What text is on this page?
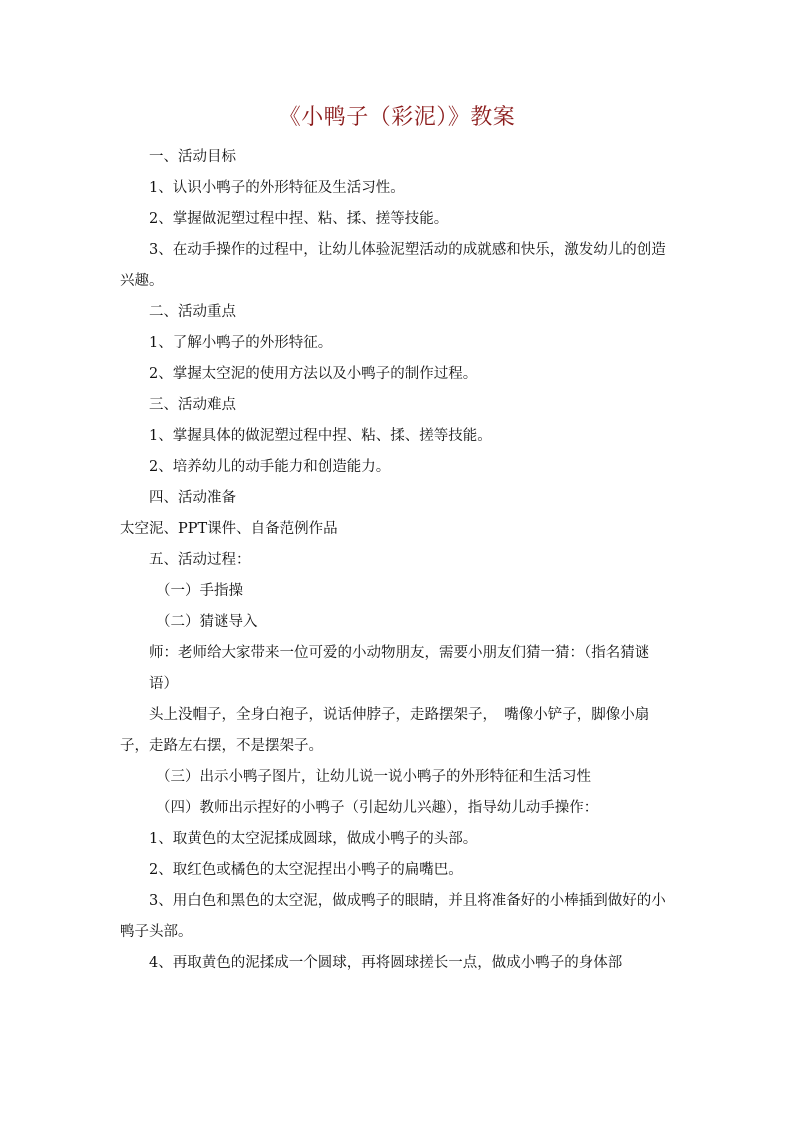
《小鸭子（彩泥）》教案

一、活动目标

1、认识小鸭子的外形特征及生活习性。

2、掌握做泥塑过程中捏、粘、揉、搓等技能。

3、在动手操作的过程中，让幼儿体验泥塑活动的成就感和快乐，激发幼儿的创造兴趣。

二、活动重点

1、了解小鸭子的外形特征。

2、掌握太空泥的使用方法以及小鸭子的制作过程。

三、活动难点

1、掌握具体的做泥塑过程中捏、粘、揉、搓等技能。

2、培养幼儿的动手能力和创造能力。

四、活动准备

太空泥、PPT课件、自备范例作品

五、活动过程：

（一）手指操

（二）猜谜导入

师：老师给大家带来一位可爱的小动物朋友，需要小朋友们猜一猜：（指名猜谜

语）

头上没帽子，全身白袍子，说话伸脖子，走路摆架子，　嘴像小铲子，脚像小扇子，走路左右摆，不是摆架子。

（三）出示小鸭子图片，让幼儿说一说小鸭子的外形特征和生活习性

（四）教师出示捏好的小鸭子（引起幼儿兴趣），指导幼儿动手操作：

1、取黄色的太空泥揉成圆球，做成小鸭子的头部。

2、取红色或橘色的太空泥捏出小鸭子的扁嘴巴。

3、用白色和黑色的太空泥，做成鸭子的眼睛，并且将准备好的小棒插到做好的小鸭子头部。

4、再取黄色的泥揉成一个圆球，再将圆球搓长一点，做成小鸭子的身体部
